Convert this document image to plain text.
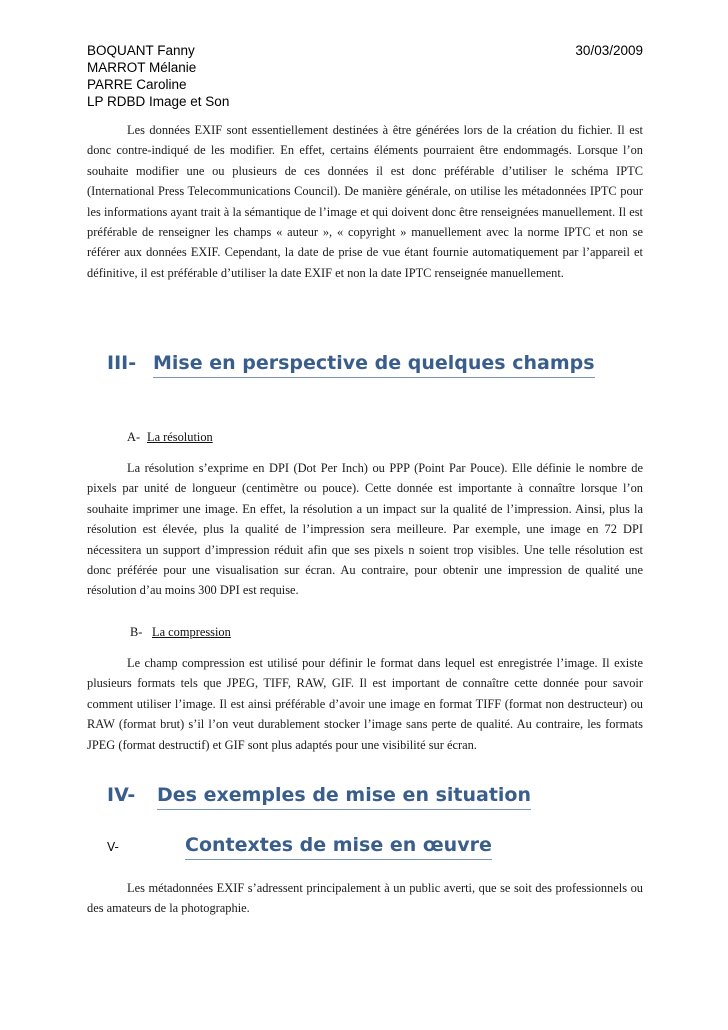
BOQUANT Fanny
MARROT Mélanie
PARRE Caroline
LP RDBD Image et Son
30/03/2009

Les données EXIF sont essentiellement destinées à être générées lors de la création du fichier. Il est donc contre-indiqué de les modifier. En effet, certains éléments pourraient être endommagés. Lorsque l’on souhaite modifier une ou plusieurs de ces données il est donc préférable d’utiliser le schéma IPTC (International Press Telecommunications Council). De manière générale, on utilise les métadonnées IPTC pour les informations ayant trait à la sémantique de l’image et qui doivent donc être renseignées manuellement. Il est préférable de renseigner les champs « auteur », « copyright » manuellement avec la norme IPTC et non se référer aux données EXIF. Cependant, la date de prise de vue étant fournie automatiquement par l’appareil et définitive, il est préférable d’utiliser la date EXIF et non la date IPTC renseignée manuellement.

III- Mise en perspective de quelques champs
A- La résolution

La résolution s’exprime en DPI (Dot Per Inch) ou PPP (Point Par Pouce). Elle définie le nombre de pixels par unité de longueur (centimètre ou pouce). Cette donnée est importante à connaître lorsque l’on souhaite imprimer une image. En effet, la résolution a un impact sur la qualité de l’impression. Ainsi, plus la résolution est élevée, plus la qualité de l’impression sera meilleure. Par exemple, une image en 72 DPI nécessitera un support d’impression réduit afin que ses pixels n soient trop visibles. Une telle résolution est donc préférée pour une visualisation sur écran. Au contraire, pour obtenir une impression de qualité une résolution d’au moins 300 DPI est requise.

B- La compression

Le champ compression est utilisé pour définir le format dans lequel est enregistrée l’image. Il existe plusieurs formats tels que JPEG, TIFF, RAW, GIF. Il est important de connaître cette donnée pour savoir comment utiliser l’image. Il est ainsi préférable d’avoir une image en format TIFF (format non destructeur) ou RAW (format brut) s’il l’on veut durablement stocker l’image sans perte de qualité. Au contraire, les formats JPEG (format destructif) et GIF sont plus adaptés pour une visibilité sur écran.

IV- Des exemples de mise en situation
V-	Contextes de mise en œuvre

Les métadonnées EXIF s’adressent principalement à un public averti, que se soit des professionnels ou des amateurs de la photographie.
